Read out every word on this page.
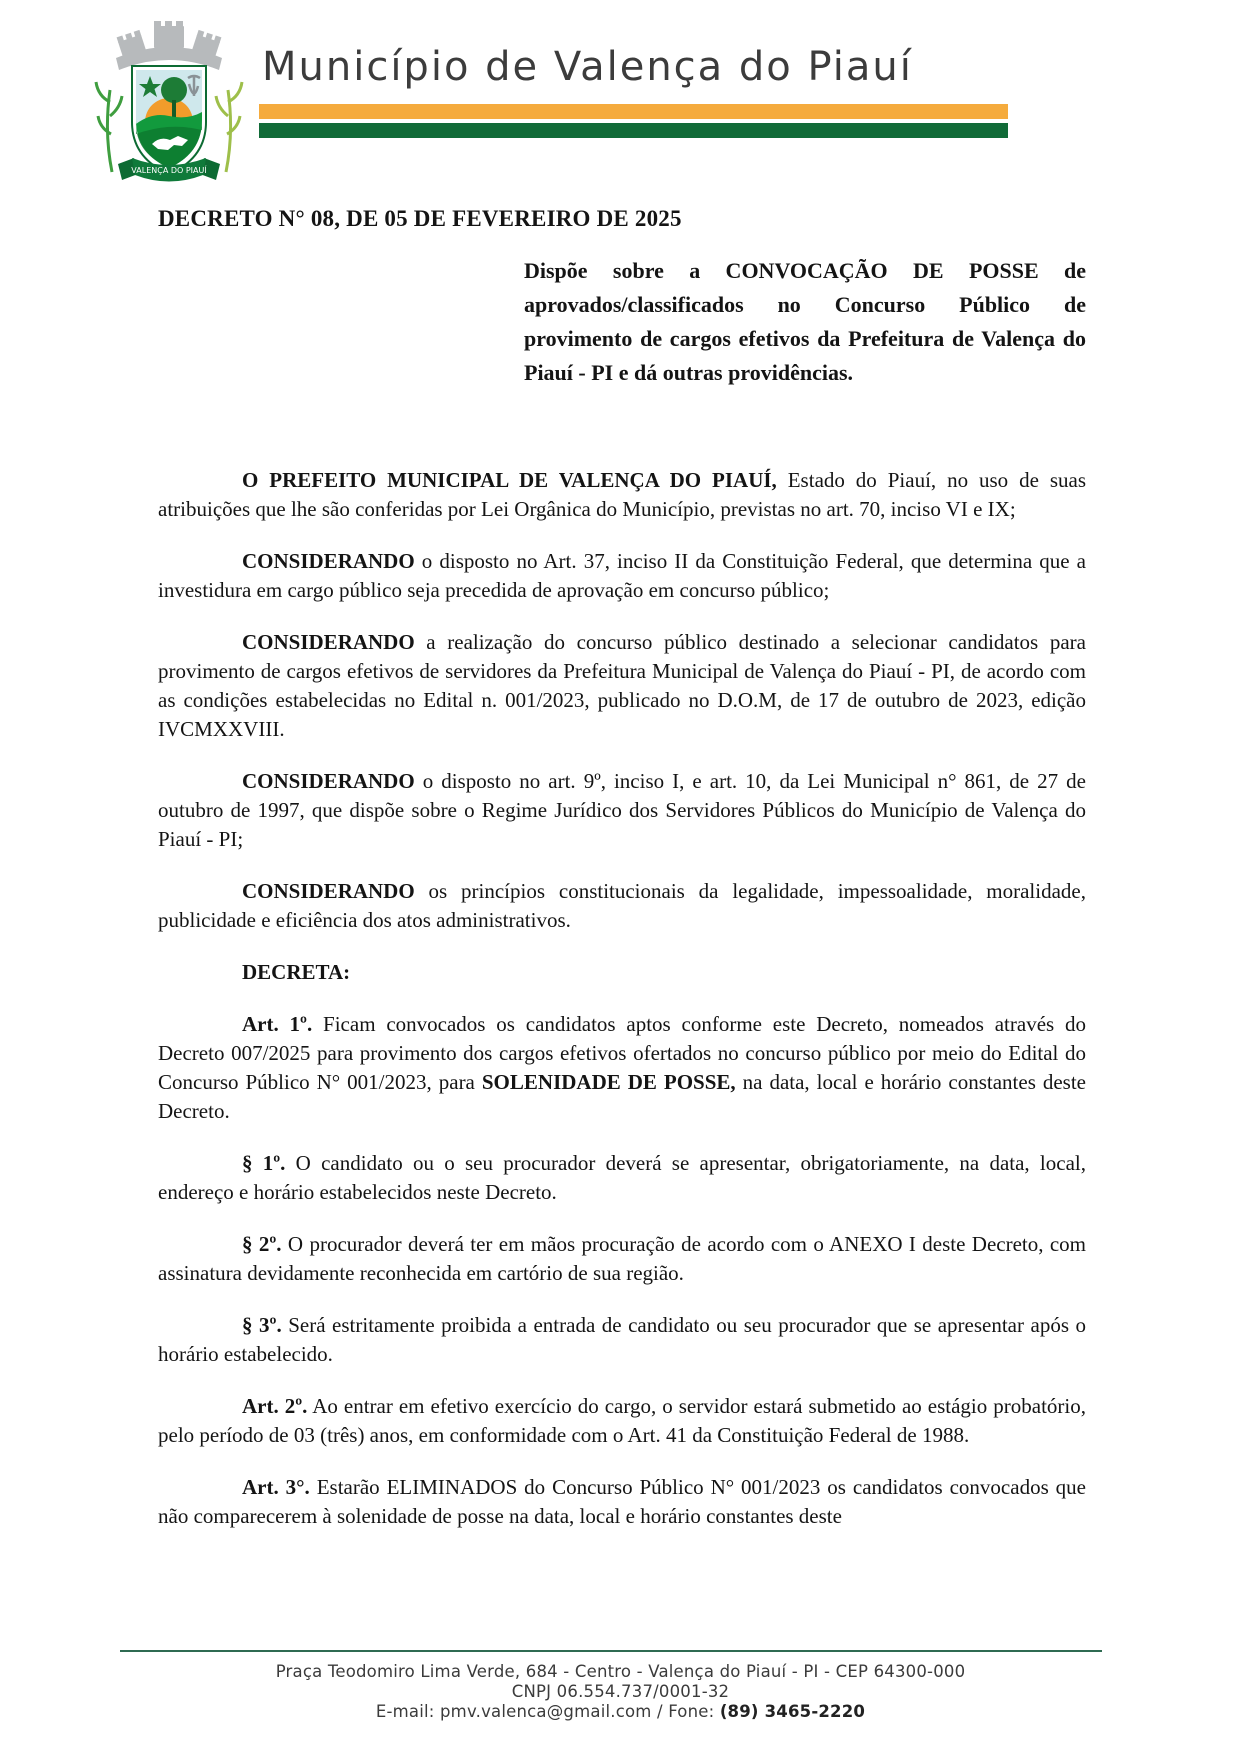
VALENÇA DO PIAUÍ
Município de Valença do Piauí
DECRETO N° 08, DE 05 DE FEVEREIRO DE 2025

Dispõe sobre a CONVOCAÇÃO DE POSSE de aprovados/classificados no Concurso Público de provimento de cargos efetivos da Prefeitura de Valença do Piauí - PI e dá outras providências.

O PREFEITO MUNICIPAL DE VALENÇA DO PIAUÍ, Estado do Piauí, no uso de suas atribuições que lhe são conferidas por Lei Orgânica do Município, previstas no art. 70, inciso VI e IX;

CONSIDERANDO o disposto no Art. 37, inciso II da Constituição Federal, que determina que a investidura em cargo público seja precedida de aprovação em concurso público;

CONSIDERANDO a realização do concurso público destinado a selecionar candidatos para provimento de cargos efetivos de servidores da Prefeitura Municipal de Valença do Piauí - PI, de acordo com as condições estabelecidas no Edital n. 001/2023, publicado no D.O.M, de 17 de outubro de 2023, edição IVCMXXVIII.

CONSIDERANDO o disposto no art. 9º, inciso I, e art. 10, da Lei Municipal n° 861, de 27 de outubro de 1997, que dispõe sobre o Regime Jurídico dos Servidores Públicos do Município de Valença do Piauí - PI;

CONSIDERANDO os princípios constitucionais da legalidade, impessoalidade, moralidade, publicidade e eficiência dos atos administrativos.

DECRETA:

Art. 1º. Ficam convocados os candidatos aptos conforme este Decreto, nomeados através do Decreto 007/2025 para provimento dos cargos efetivos ofertados no concurso público por meio do Edital do Concurso Público N° 001/2023, para SOLENIDADE DE POSSE, na data, local e horário constantes deste Decreto.

§ 1º. O candidato ou o seu procurador deverá se apresentar, obrigatoriamente, na data, local, endereço e horário estabelecidos neste Decreto.

§ 2º. O procurador deverá ter em mãos procuração de acordo com o ANEXO I deste Decreto, com assinatura devidamente reconhecida em cartório de sua região.

§ 3º. Será estritamente proibida a entrada de candidato ou seu procurador que se apresentar após o horário estabelecido.

Art. 2º. Ao entrar em efetivo exercício do cargo, o servidor estará submetido ao estágio probatório, pelo período de 03 (três) anos, em conformidade com o Art. 41 da Constituição Federal de 1988.

Art. 3°. Estarão ELIMINADOS do Concurso Público N° 001/2023 os candidatos convocados que não comparecerem à solenidade de posse na data, local e horário constantes deste

Praça Teodomiro Lima Verde, 684 - Centro - Valença do Piauí - PI - CEP 64300-000
CNPJ 06.554.737/0001-32
E-mail: pmv.valenca@gmail.com / Fone: (89) 3465-2220
